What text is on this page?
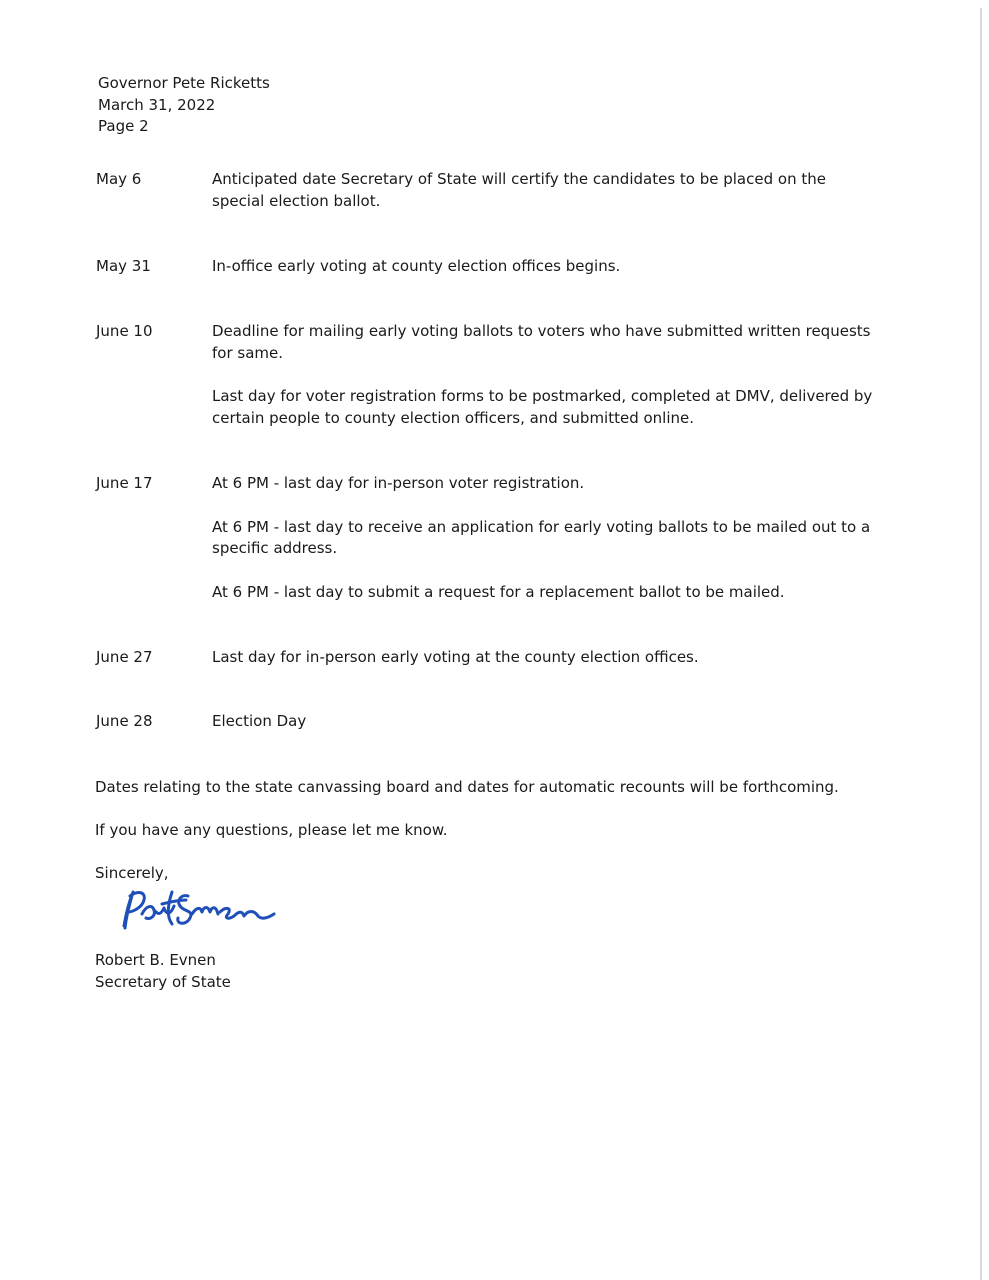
Governor Pete Ricketts
March 31, 2022
Page 2
May 6	Anticipated date Secretary of State will certify the candidates to be placed on the special election ballot.

May 31	In-office early voting at county election offices begins.

June 10	Deadline for mailing early voting ballots to voters who have submitted written requests for same.

Last day for voter registration forms to be postmarked, completed at DMV, delivered by certain people to county election officers, and submitted online.

June 17	At 6 PM - last day for in-person voter registration.

At 6 PM - last day to receive an application for early voting ballots to be mailed out to a specific address.

At 6 PM - last day to submit a request for a replacement ballot to be mailed.

June 27	Last day for in-person early voting at the county election offices.

June 28	Election Day

Dates relating to the state canvassing board and dates for automatic recounts will be forthcoming.
If you have any questions, please let me know.
Sincerely,
Robert B. Evnen
Secretary of State
